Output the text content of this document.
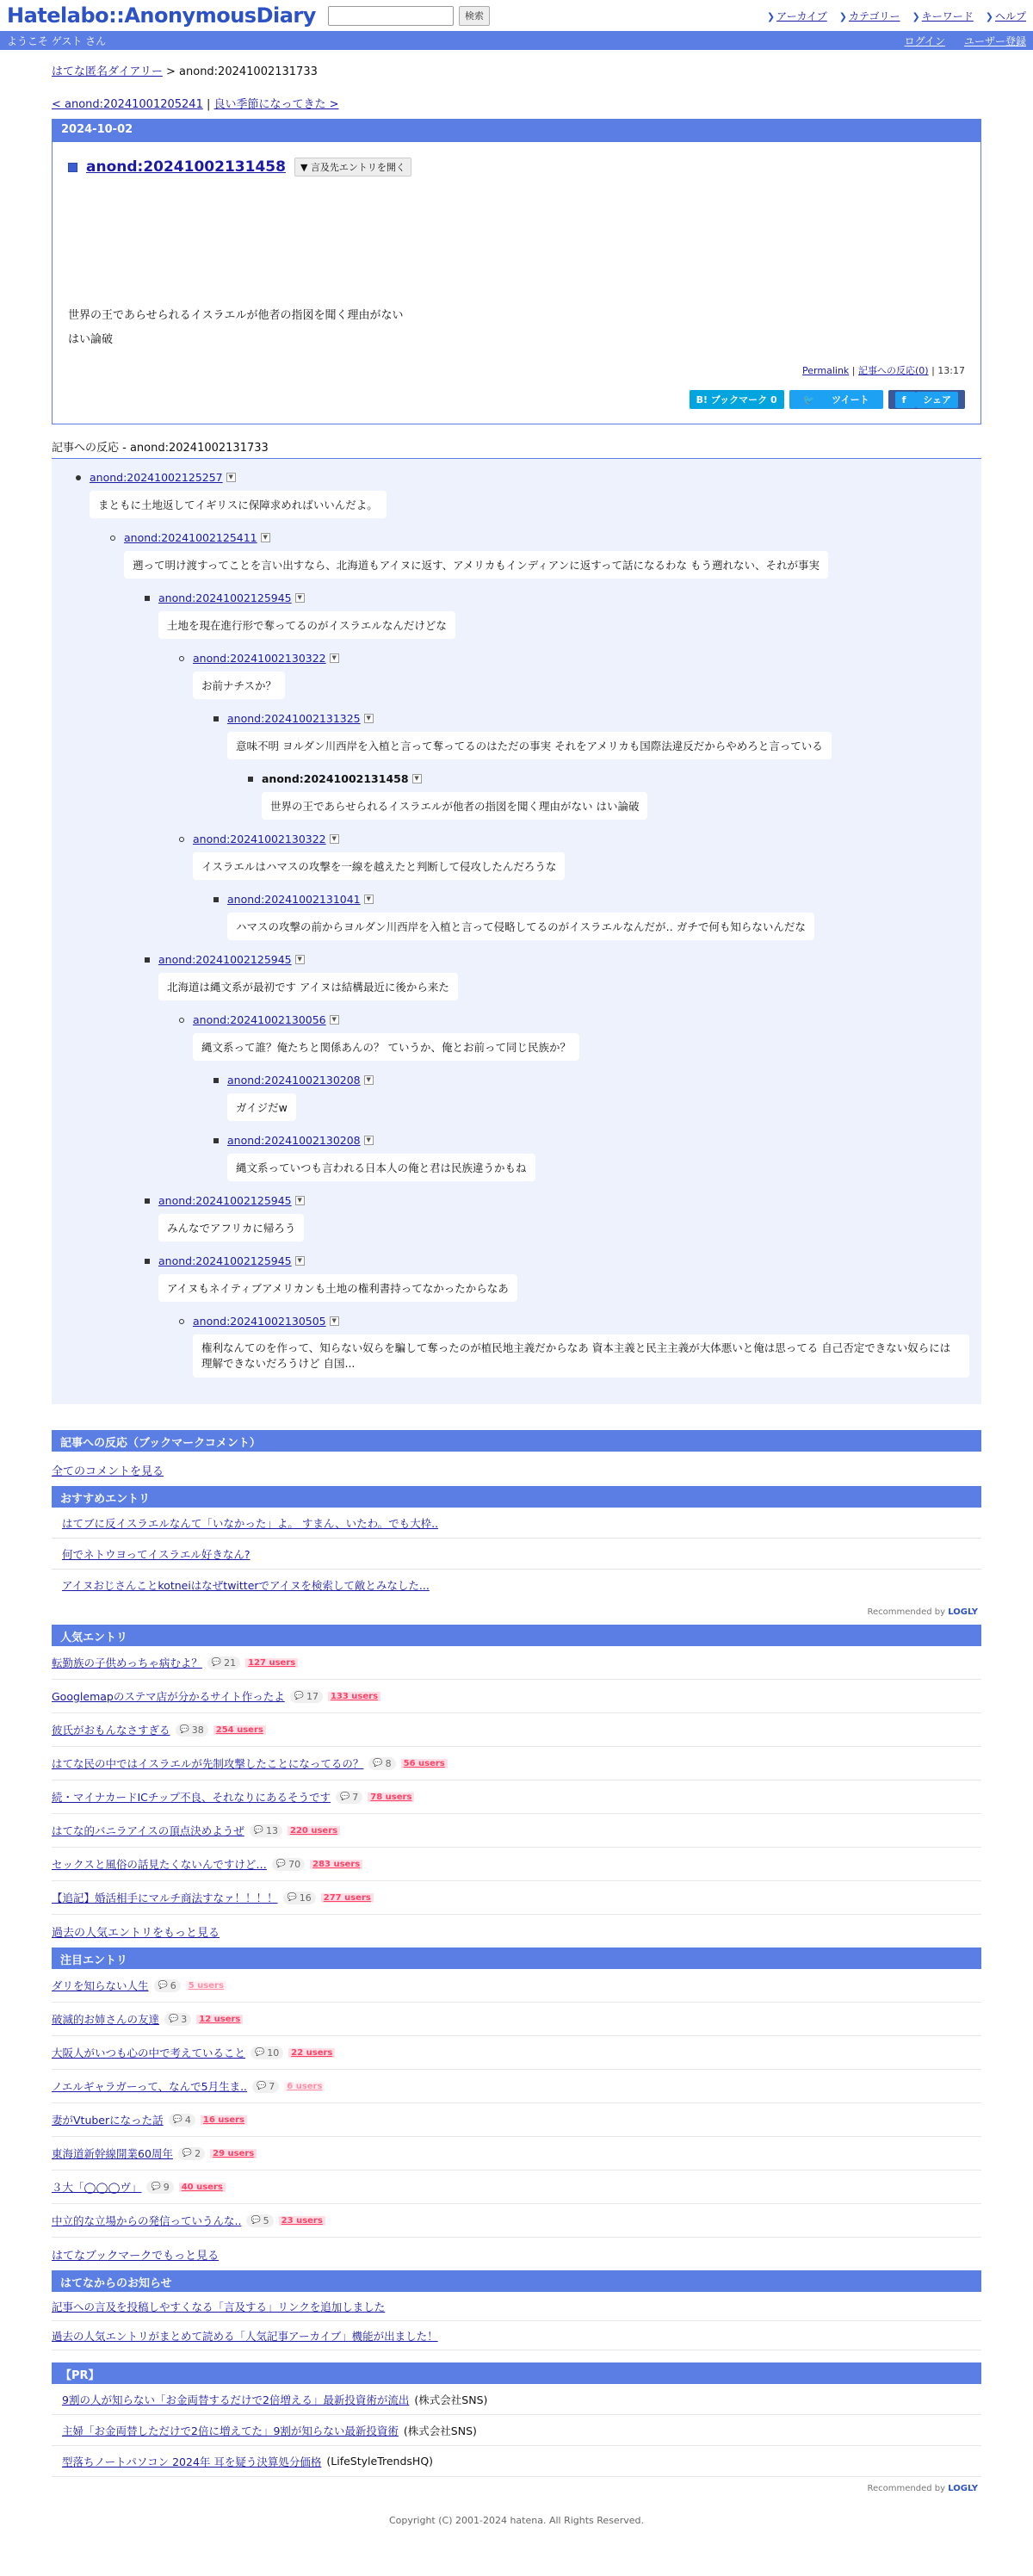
Hatelabo::AnonymousDiary	検索	❯ アーカイブ ❯ カテゴリー ❯ キーワード ❯ ヘルプ
ようこそ ゲスト さん	ログイン ユーザー登録
はてな匿名ダイアリー > anond:20241002131733
< anond:20241001205241 | 良い季節になってきた >
2024-10-02
anond:20241002131458	▼ 言及先エントリを開く
世界の王であらせられるイスラエルが他者の指図を聞く理由がない
はい論破
Permalink | 記事への反応(0) | 13:17
B! ブックマーク 0	🐦 ツイート	f シェア
記事への反応 - anond:20241002131733
anond:20241002125257 ▼
まともに土地返してイギリスに保障求めればいいんだよ。
anond:20241002125411 ▼
遡って明け渡すってことを言い出すなら、北海道もアイヌに返す、アメリカもインディアンに返すって話になるわな もう遡れない、それが事実
anond:20241002125945 ▼
土地を現在進行形で奪ってるのがイスラエルなんだけどな
anond:20241002130322 ▼
お前ナチスか？
anond:20241002131325 ▼
意味不明 ヨルダン川西岸を入植と言って奪ってるのはただの事実 それをアメリカも国際法違反だからやめろと言っている
anond:20241002131458 ▼
世界の王であらせられるイスラエルが他者の指図を聞く理由がない はい論破
anond:20241002130322 ▼
イスラエルはハマスの攻撃を一線を越えたと判断して侵攻したんだろうな
anond:20241002131041 ▼
ハマスの攻撃の前からヨルダン川西岸を入植と言って侵略してるのがイスラエルなんだが‥ ガチで何も知らないんだな
anond:20241002125945 ▼
北海道は縄文系が最初です アイヌは結構最近に後から来た
anond:20241002130056 ▼
縄文系って誰？俺たちと関係あんの？ ていうか、俺とお前って同じ民族か？
anond:20241002130208 ▼
ガイジだw
anond:20241002130208 ▼
縄文系っていつも言われる日本人の俺と君は民族違うかもね
anond:20241002125945 ▼
みんなでアフリカに帰ろう
anond:20241002125945 ▼
アイヌもネイティブアメリカンも土地の権利書持ってなかったからなあ
anond:20241002130505 ▼
権利なんてのを作って、知らない奴らを騙して奪ったのが植民地主義だからなあ 資本主義と民主主義が大体悪いと俺は思ってる 自己否定できない奴らには理解できないだろうけど 自国...
記事への反応（ブックマークコメント）
全てのコメントを見る
おすすめエントリ
はてブに反イスラエルなんて「いなかった」よ。 すまん、いたわ。でも大枠..
何でネトウヨってイスラエル好きなん?
アイヌおじさんことkotneiはなぜtwitterでアイヌを検索して敵とみなした...
Recommended by LOGLY
人気エントリ
転勤族の子供めっちゃ病むよ？ 💬 21	127 users
Googlemapのステマ店が分かるサイト作ったよ 💬 17	133 users
彼氏がおもんなさすぎる 💬 38	254 users
はてな民の中ではイスラエルが先制攻撃したことになってるの？ 💬 8	56 users
続・マイナカードICチップ不良、それなりにあるそうです 💬 7	78 users
はてな的バニラアイスの頂点決めようぜ 💬 13	220 users
セックスと風俗の話見たくないんですけど… 💬 70	283 users
【追記】婚活相手にマルチ商法すなァ！！！！ 💬 16	277 users
過去の人気エントリをもっと見る
注目エントリ
ダリを知らない人生 💬 6	5 users
破滅的お姉さんの友達 💬 3	12 users
大阪人がいつも心の中で考えていること 💬 10	22 users
ノエルギャラガーって、なんで5月生ま.. 💬 7	6 users
妻がVtuberになった話 💬 4	16 users
東海道新幹線開業60周年 💬 2	29 users
３大「◯◯◯ヴ」 💬 9	40 users
中立的な立場からの発信っていうんな.. 💬 5	23 users
はてなブックマークでもっと見る
はてなからのお知らせ
記事への言及を投稿しやすくなる「言及する」リンクを追加しました
過去の人気エントリがまとめて読める「人気記事アーカイブ」機能が出ました！
【PR】
9割の人が知らない「お金両替するだけで2倍増える」最新投資術が流出 (株式会社SNS)
主婦「お金両替しただけで2倍に増えてた」9割が知らない最新投資術 (株式会社SNS)
型落ちノートパソコン 2024年 耳を疑う決算処分価格 (LifeStyleTrendsHQ)
Recommended by LOGLY
Copyright (C) 2001-2024 hatena. All Rights Reserved.
